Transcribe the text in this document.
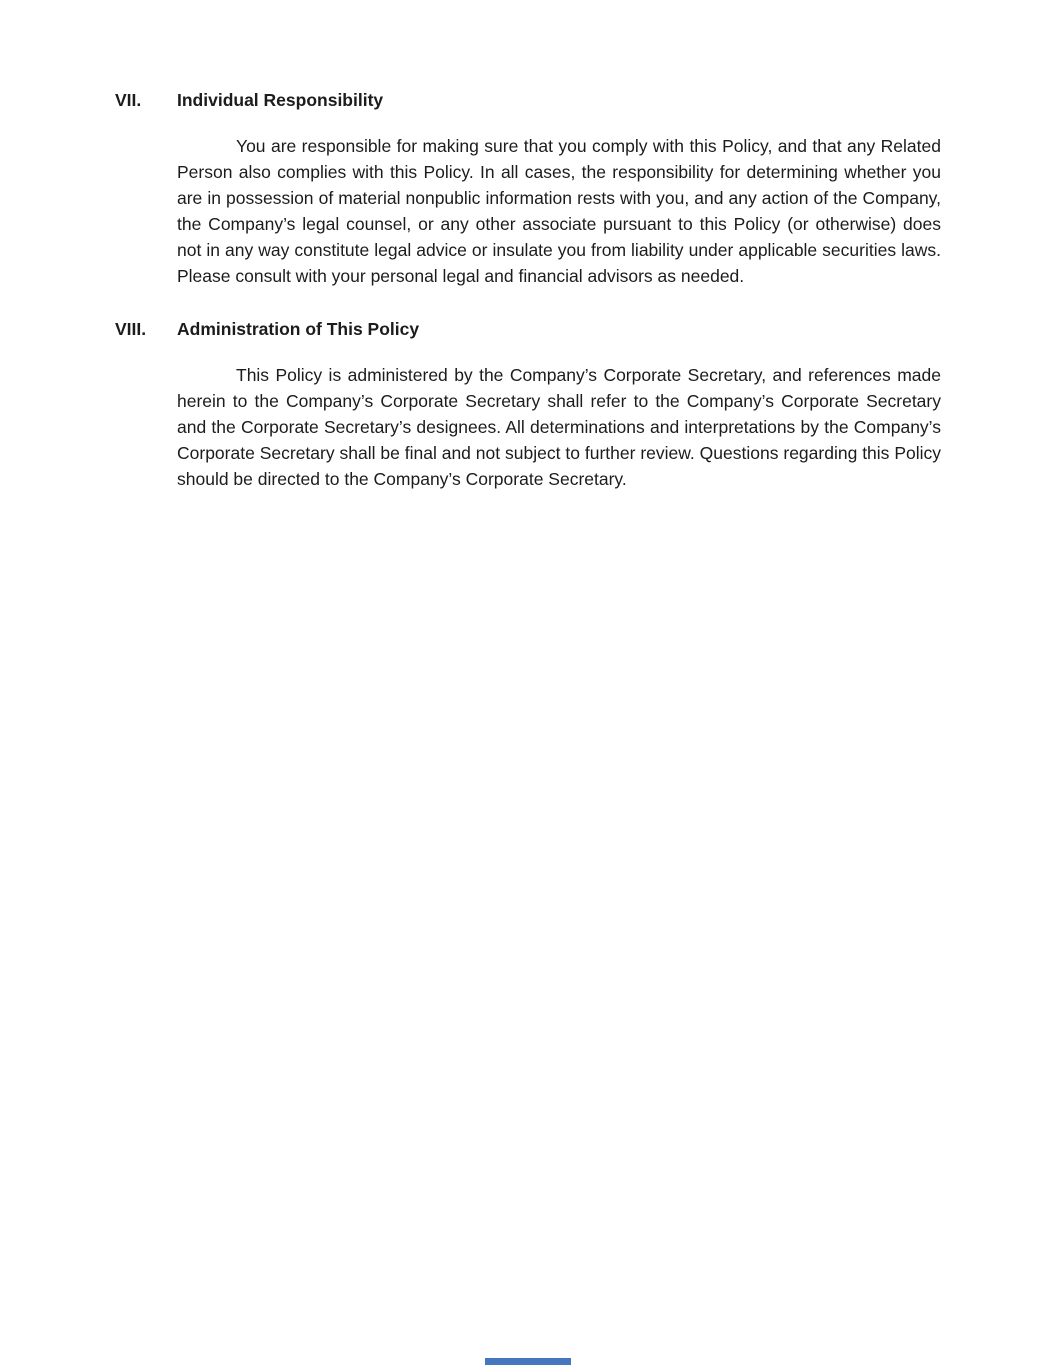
VII.	Individual Responsibility

You are responsible for making sure that you comply with this Policy, and that any Related Person also complies with this Policy. In all cases, the responsibility for determining whether you are in possession of material nonpublic information rests with you, and any action of the Company, the Company’s legal counsel, or any other associate pursuant to this Policy (or otherwise) does not in any way constitute legal advice or insulate you from liability under applicable securities laws. Please consult with your personal legal and financial advisors as needed.

VIII.	Administration of This Policy

This Policy is administered by the Company’s Corporate Secretary, and references made herein to the Company’s Corporate Secretary shall refer to the Company’s Corporate Secretary and the Corporate Secretary’s designees. All determinations and interpretations by the Company’s Corporate Secretary shall be final and not subject to further review. Questions regarding this Policy should be directed to the Company’s Corporate Secretary.
